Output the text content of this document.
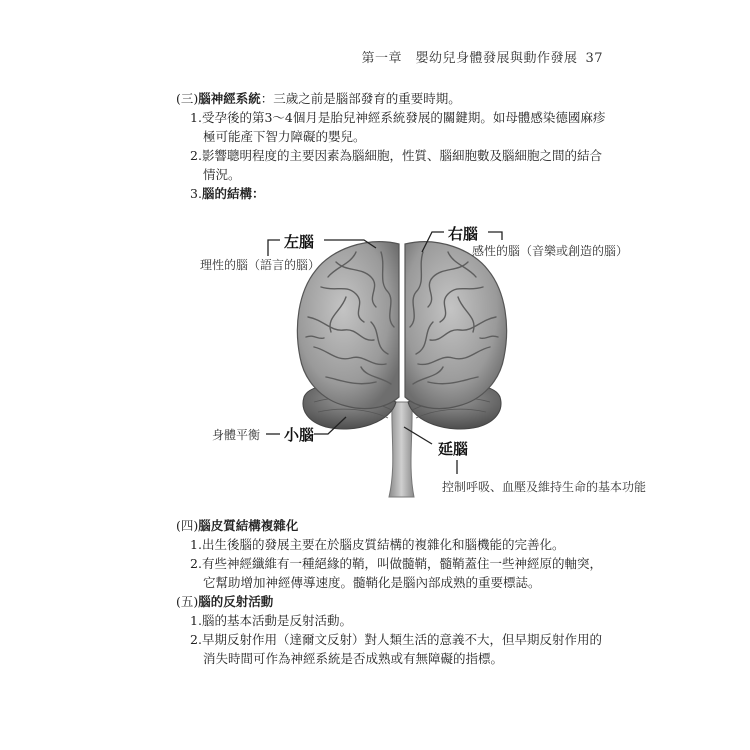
第一章　嬰幼兒身體發展與動作發展 37
(三)腦神經系統：三歲之前是腦部發育的重要時期。
1.受孕後的第3～4個月是胎兒神經系統發展的關鍵期。如母體感染德國麻疹
極可能產下智力障礙的嬰兒。
2.影響聰明程度的主要因素為腦細胞，性質、腦細胞數及腦細胞之間的結合
情況。
3.腦的結構：
左腦
理性的腦（語言的腦）
右腦
感性的腦（音樂或創造的腦）
身體平衡 小腦
延腦
控制呼吸、血壓及維持生命的基本功能
(四)腦皮質結構複雜化
1.出生後腦的發展主要在於腦皮質結構的複雜化和腦機能的完善化。
2.有些神經纖維有一種絕緣的鞘，叫做髓鞘，髓鞘蓋住一些神經原的軸突，
它幫助增加神經傳導速度。髓鞘化是腦內部成熟的重要標誌。
(五)腦的反射活動
1.腦的基本活動是反射活動。
2.早期反射作用（達爾文反射）對人類生活的意義不大，但早期反射作用的
消失時間可作為神經系統是否成熟或有無障礙的指標。
